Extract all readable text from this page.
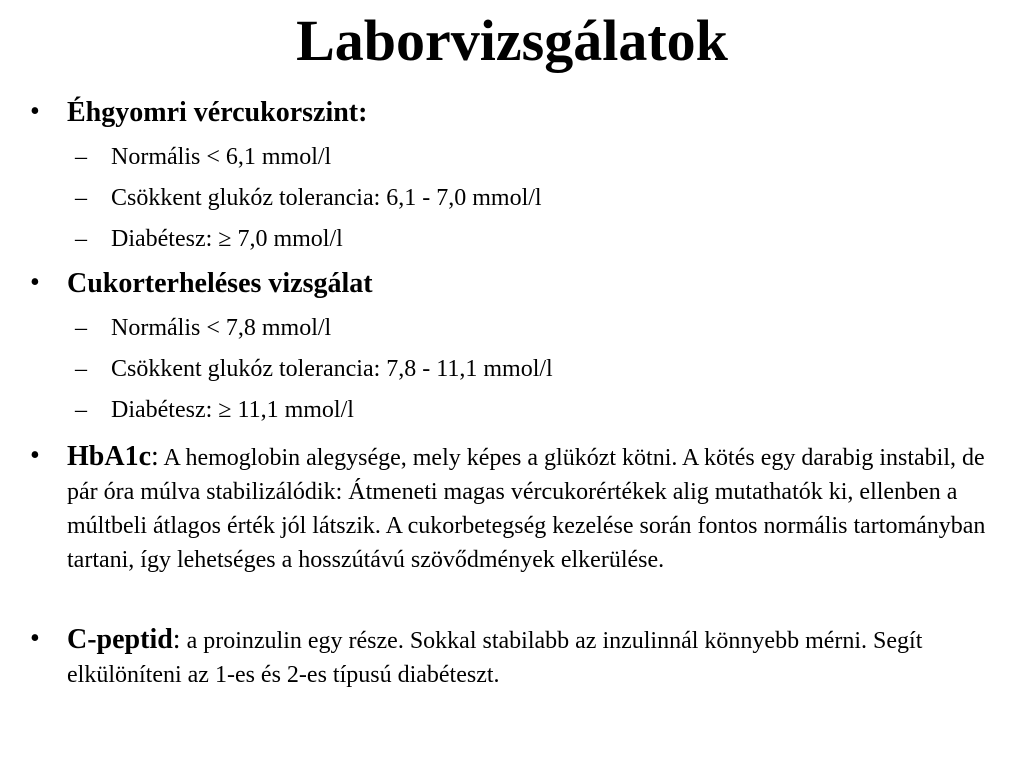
Laborvizsgálatok
• Éhgyomri vércukorszint:
– Normális < 6,1 mmol/l
– Csökkent glukóz tolerancia: 6,1 - 7,0 mmol/l
– Diabétesz: ≥ 7,0 mmol/l
• Cukorterheléses vizsgálat
– Normális < 7,8 mmol/l
– Csökkent glukóz tolerancia: 7,8 - 11,1 mmol/l
– Diabétesz: ≥ 11,1 mmol/l
• HbA1c: A hemoglobin alegysége, mely képes a glükózt kötni. A kötés egy darabig instabil, de pár óra múlva stabilizálódik: Átmeneti magas vércukorértékek alig mutathatók ki, ellenben a múltbeli átlagos érték jól látszik. A cukorbetegség kezelése során fontos normális tartományban tartani, így lehetséges a hosszútávú szövődmények elkerülése.
• C-peptid: a proinzulin egy része. Sokkal stabilabb az inzulinnál könnyebb mérni. Segít elkülöníteni az 1-es és 2-es típusú diabéteszt.
